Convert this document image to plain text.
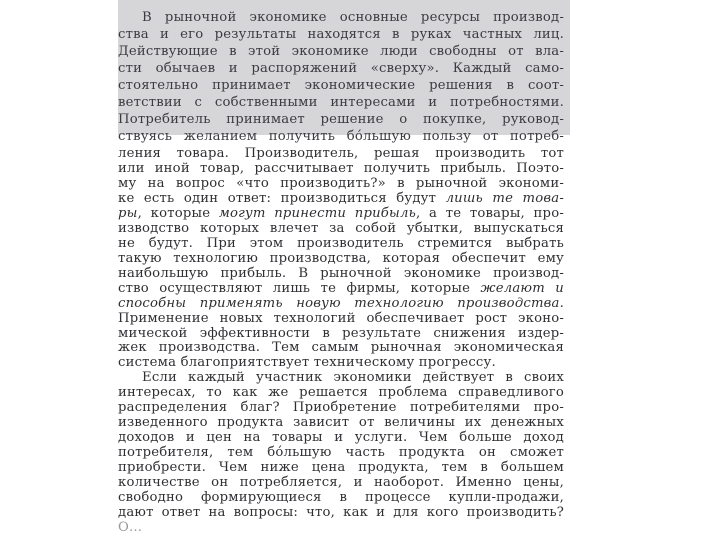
В рыночной экономике основные ресурсы производ-
ства и его результаты находятся в руках частных лиц.
Действующие в этой экономике люди свободны от вла-
сти обычаев и распоряжений «сверху». Каждый само-
стоятельно принимает экономические решения в соот-
ветствии с собственными интересами и потребностями.
Потребитель принимает решение о покупке, руковод-
ствуясь желанием получить бо́льшую пользу от потреб-
ления товара. Производитель, решая производить тот
или иной товар, рассчитывает получить прибыль. Поэто-
му на вопрос «что производить?» в рыночной экономи-
ке есть один ответ: производиться будут лишь те това-
ры, которые могут принести прибыль, а те товары, про-
изводство которых влечет за собой убытки, выпускаться
не будут. При этом производитель стремится выбрать
такую технологию производства, которая обеспечит ему
наибольшую прибыль. В рыночной экономике производ-
ство осуществляют лишь те фирмы, которые желают и
способны применять новую технологию производства.
Применение новых технологий обеспечивает рост эконо-
мической эффективности в результате снижения издер-
жек производства. Тем самым рыночная экономическая
система благоприятствует техническому прогрессу.
Если каждый участник экономики действует в своих
интересах, то как же решается проблема справедливого
распределения благ? Приобретение потребителями про-
изведенного продукта зависит от величины их денежных
доходов и цен на товары и услуги. Чем больше доход
потребителя, тем бо́льшую часть продукта он сможет
приобрести. Чем ниже цена продукта, тем в большем
количестве он потребляется, и наоборот. Именно цены,
свободно формирующиеся в процессе купли-продажи,
дают ответ на вопросы: что, как и для кого производить?
О...
